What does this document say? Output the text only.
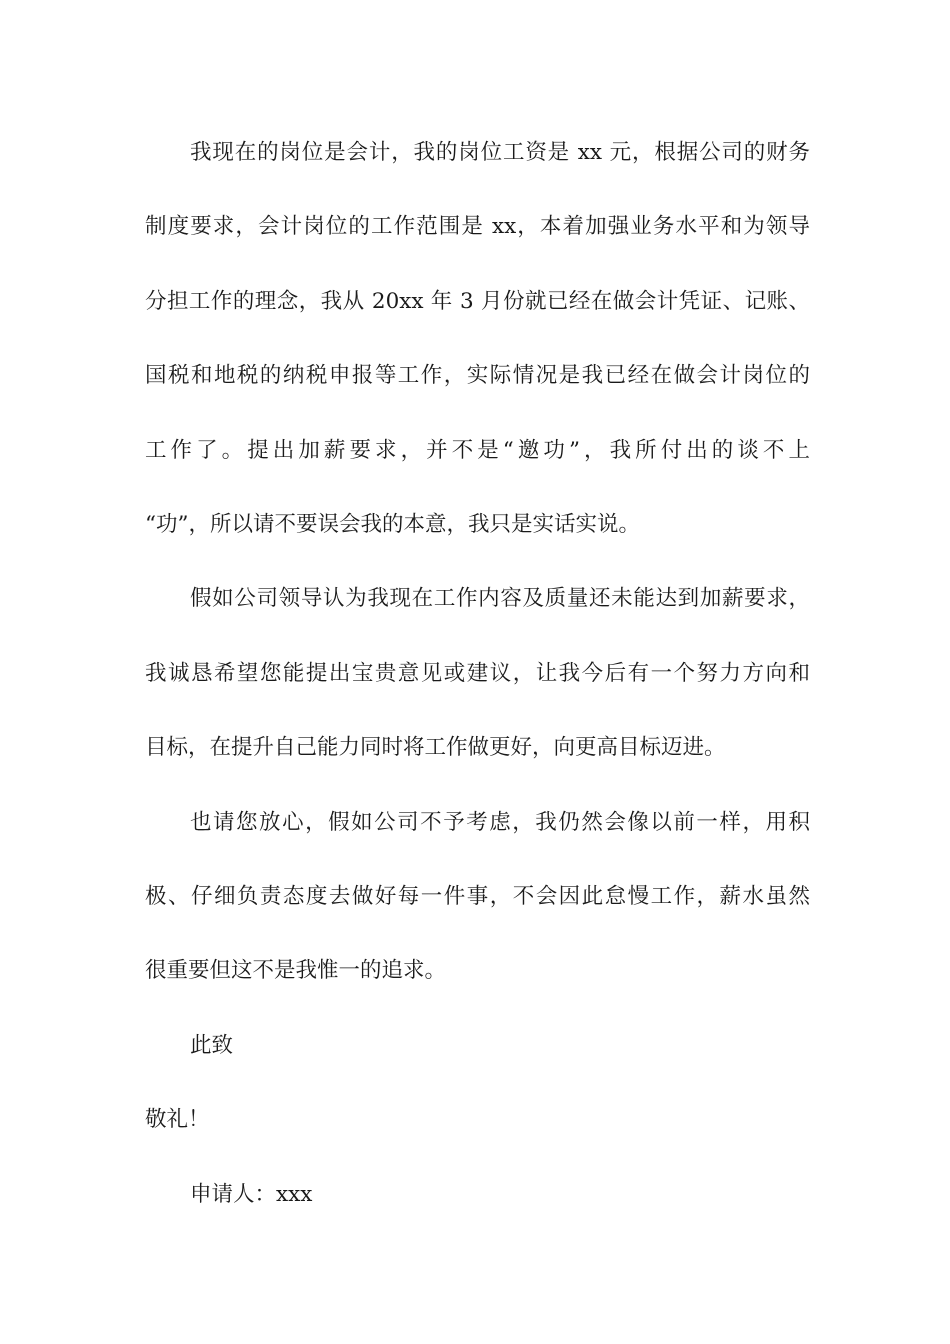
我现在的岗位是会计，我的岗位工资是 xx 元，根据公司的财务
制度要求，会计岗位的工作范围是 xx，本着加强业务水平和为领导
分担工作的理念，我从 20xx 年 3 月份就已经在做会计凭证、记账、
国税和地税的纳税申报等工作，实际情况是我已经在做会计岗位的
工作了。提出加薪要求，并不是“邀功”，我所付出的谈不上
“功”，所以请不要误会我的本意，我只是实话实说。
假如公司领导认为我现在工作内容及质量还未能达到加薪要求，
我诚恳希望您能提出宝贵意见或建议，让我今后有一个努力方向和
目标，在提升自己能力同时将工作做更好，向更高目标迈进。
也请您放心，假如公司不予考虑，我仍然会像以前一样，用积
极、仔细负责态度去做好每一件事，不会因此怠慢工作，薪水虽然
很重要但这不是我惟一的追求。
此致
敬礼！
申请人：xxx
